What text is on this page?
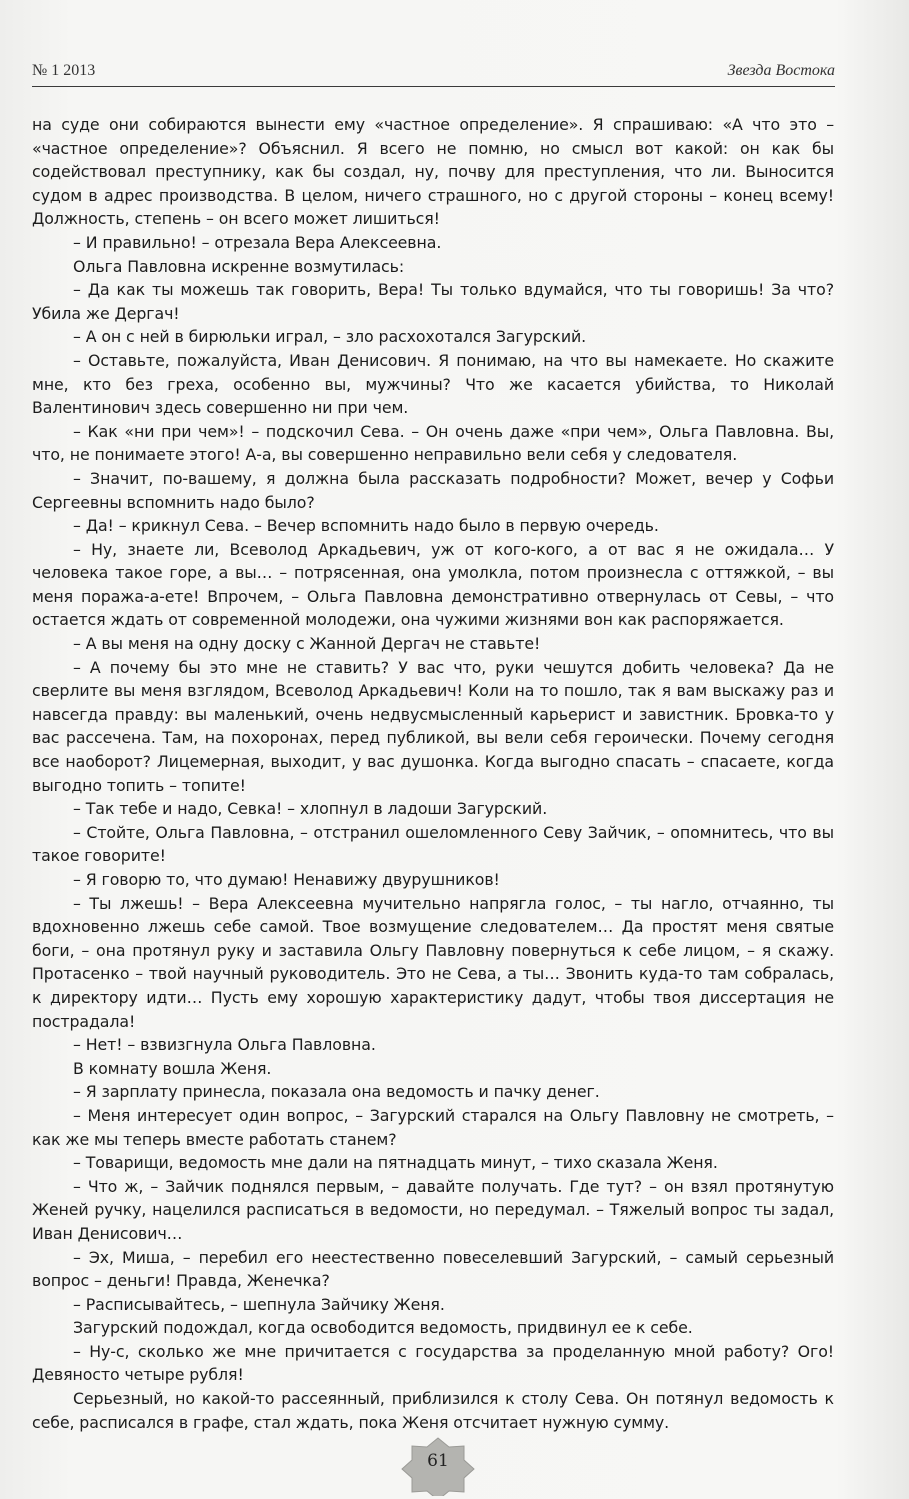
№ 1 2013	Звезда Востока

на суде они собираются вынести ему «частное определение». Я спрашиваю: «А что это – «частное определение»? Объяснил. Я всего не помню, но смысл вот какой: он как бы содействовал преступнику, как бы создал, ну, почву для преступления, что ли. Выносится судом в адрес производства. В целом, ничего страшного, но с другой стороны – конец всему! Должность, степень – он всего может лишиться!

– И правильно! – отрезала Вера Алексеевна.

Ольга Павловна искренне возмутилась:

– Да как ты можешь так говорить, Вера! Ты только вдумайся, что ты говоришь! За что? Убила же Дергач!

– А он с ней в бирюльки играл, – зло расхохотался Загурский.

– Оставьте, пожалуйста, Иван Денисович. Я понимаю, на что вы намекаете. Но скажите мне, кто без греха, особенно вы, мужчины? Что же касается убийства, то Николай Валентинович здесь совершенно ни при чем.

– Как «ни при чем»! – подскочил Сева. – Он очень даже «при чем», Ольга Павловна. Вы, что, не понимаете этого! А-а, вы совершенно неправильно вели себя у следователя.

– Значит, по-вашему, я должна была рассказать подробности? Может, вечер у Софьи Сергеевны вспомнить надо было?

– Да! – крикнул Сева. – Вечер вспомнить надо было в первую очередь.

– Ну, знаете ли, Всеволод Аркадьевич, уж от кого-кого, а от вас я не ожидала… У человека такое горе, а вы… – потрясенная, она умолкла, потом произнесла с оттяжкой, – вы меня поража-а-ете! Впрочем, – Ольга Павловна демонстративно отвернулась от Севы, – что остается ждать от современной молодежи, она чужими жизнями вон как распоряжается.

– А вы меня на одну доску с Жанной Дергач не ставьте!

– А почему бы это мне не ставить? У вас что, руки чешутся добить человека? Да не сверлите вы меня взглядом, Всеволод Аркадьевич! Коли на то пошло, так я вам выскажу раз и навсегда правду: вы маленький, очень недвусмысленный карьерист и завистник. Бровка-то у вас рассечена. Там, на похоронах, перед публикой, вы вели себя героически. Почему сегодня все наоборот? Лицемерная, выходит, у вас душонка. Когда выгодно спасать – спасаете, когда выгодно топить – топите!

– Так тебе и надо, Севка! – хлопнул в ладоши Загурский.

– Стойте, Ольга Павловна, – отстранил ошеломленного Севу Зайчик, – опомнитесь, что вы такое говорите!

– Я говорю то, что думаю! Ненавижу двурушников!

– Ты лжешь! – Вера Алексеевна мучительно напрягла голос, – ты нагло, отчаянно, ты вдохновенно лжешь себе самой. Твое возмущение следователем… Да простят меня святые боги, – она протянул руку и заставила Ольгу Павловну повернуться к себе лицом, – я скажу. Протасенко – твой научный руководитель. Это не Сева, а ты… Звонить куда-то там собралась, к директору идти… Пусть ему хорошую характеристику дадут, чтобы твоя диссертация не пострадала!

– Нет! – взвизгнула Ольга Павловна.

В комнату вошла Женя.

– Я зарплату принесла, показала она ведомость и пачку денег.

– Меня интересует один вопрос, – Загурский старался на Ольгу Павловну не смотреть, – как же мы теперь вместе работать станем?

– Товарищи, ведомость мне дали на пятнадцать минут, – тихо сказала Женя.

– Что ж, – Зайчик поднялся первым, – давайте получать. Где тут? – он взял протянутую Женей ручку, нацелился расписаться в ведомости, но передумал. – Тяжелый вопрос ты задал, Иван Денисович…

– Эх, Миша, – перебил его неестественно повеселевший Загурский, – самый серьезный вопрос – деньги! Правда, Женечка?

– Расписывайтесь, – шепнула Зайчику Женя.

Загурский подождал, когда освободится ведомость, придвинул ее к себе.

– Ну-с, сколько же мне причитается с государства за проделанную мной работу? Ого! Девяносто четыре рубля!

Серьезный, но какой-то рассеянный, приблизился к столу Сева. Он потянул ведомость к себе, расписался в графе, стал ждать, пока Женя отсчитает нужную сумму.

61
